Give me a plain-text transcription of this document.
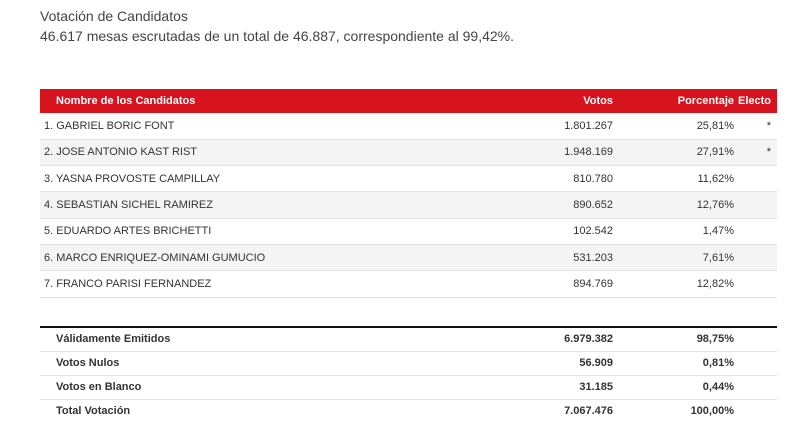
Votación de Candidatos
46.617 mesas escrutadas de un total de 46.887, correspondiente al 99,42%.
Nombre de los Candidatos	Votos	Porcentaje	Electo
1. GABRIEL BORIC FONT	1.801.267	25,81%	*
2. JOSE ANTONIO KAST RIST	1.948.169	27,91%	*
3. YASNA PROVOSTE CAMPILLAY	810.780	11,62%	
4. SEBASTIAN SICHEL RAMIREZ	890.652	12,76%	
5. EDUARDO ARTES BRICHETTI	102.542	1,47%	
6. MARCO ENRIQUEZ-OMINAMI GUMUCIO	531.203	7,61%	
7. FRANCO PARISI FERNANDEZ	894.769	12,82%	
Válidamente Emitidos	6.979.382	98,75%	
Votos Nulos	56.909	0,81%	
Votos en Blanco	31.185	0,44%	
Total Votación	7.067.476	100,00%	
